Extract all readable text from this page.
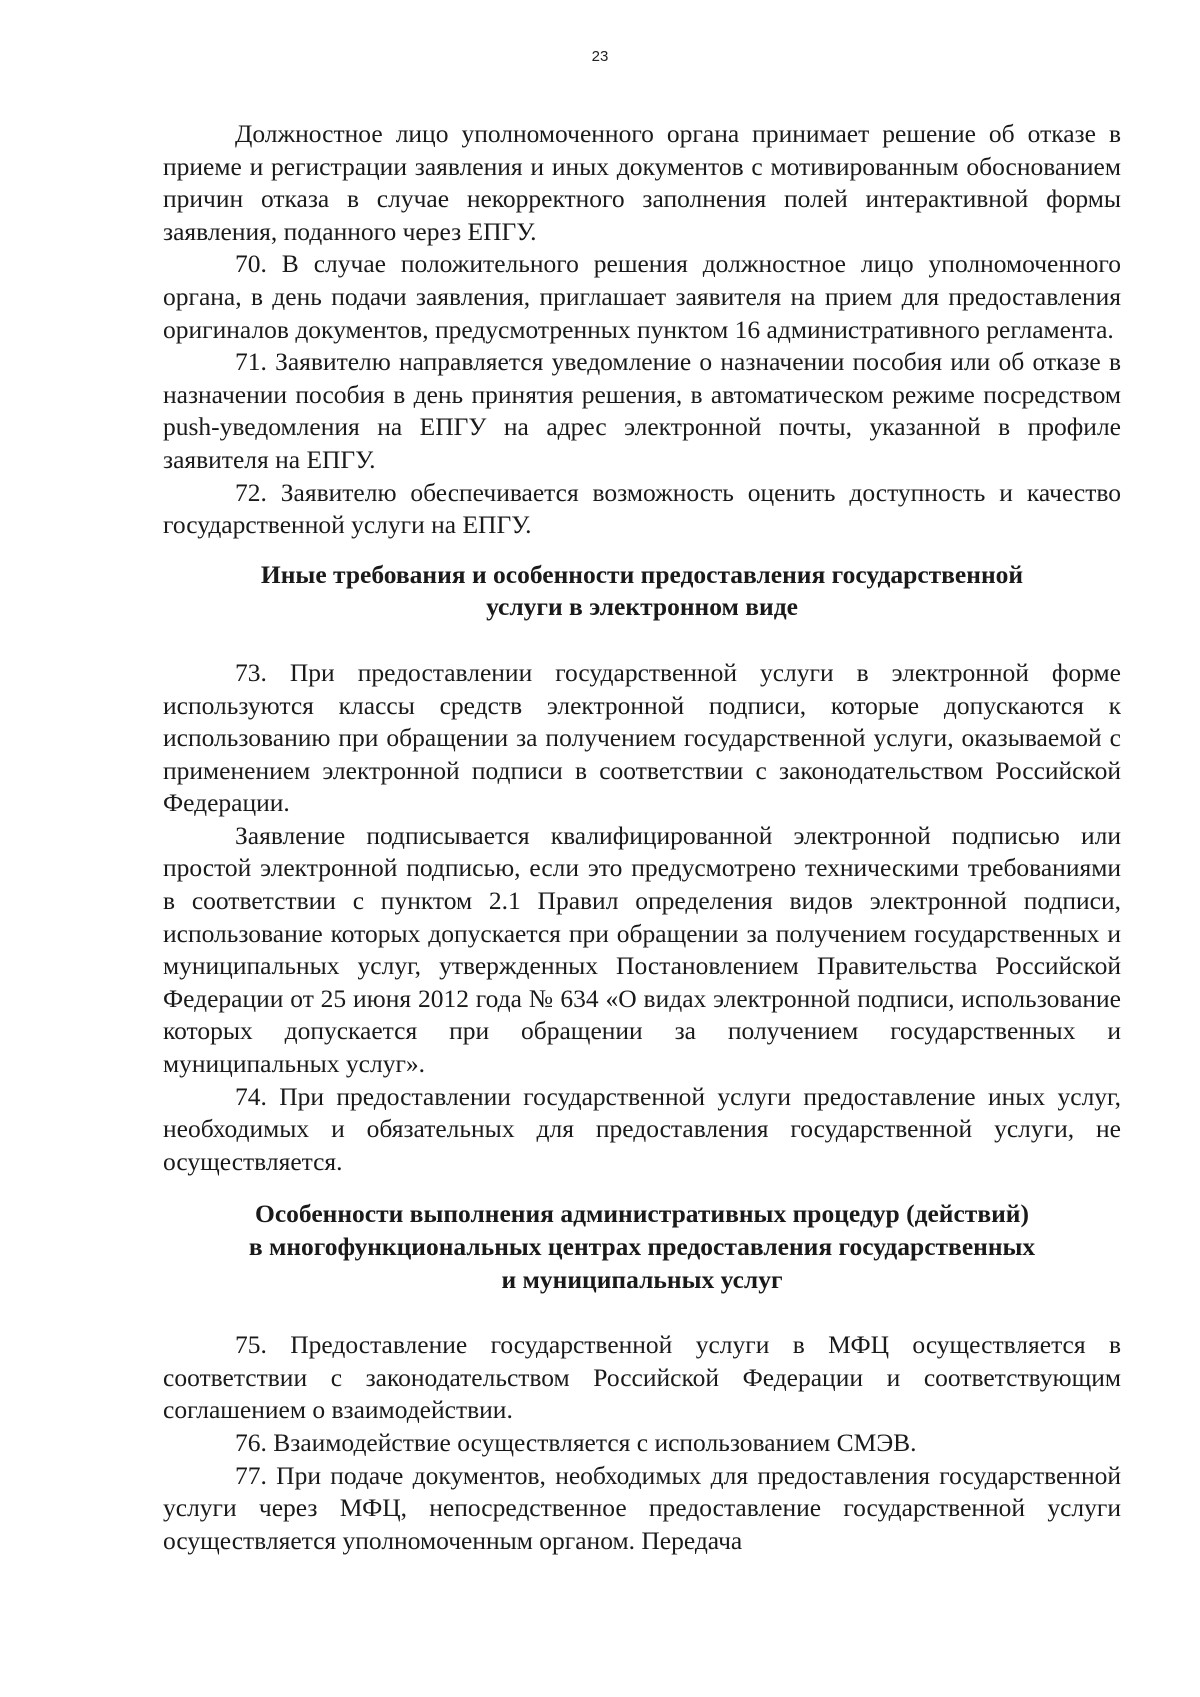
23

Должностное лицо уполномоченного органа принимает решение об отказе в приеме и регистрации заявления и иных документов с мотивированным обоснованием причин отказа в случае некорректного заполнения полей интерактивной формы заявления, поданного через ЕПГУ.

70. В случае положительного решения должностное лицо уполномоченного органа, в день подачи заявления, приглашает заявителя на прием для предоставления оригиналов документов, предусмотренных пунктом 16 административного регламента.

71. Заявителю направляется уведомление о назначении пособия или об отказе в назначении пособия в день принятия решения, в автоматическом режиме посредством push-уведомления на ЕПГУ на адрес электронной почты, указанной в профиле заявителя на ЕПГУ.

72. Заявителю обеспечивается возможность оценить доступность и качество государственной услуги на ЕПГУ.

Иные требования и особенности предоставления государственной
услуги в электронном виде

73. При предоставлении государственной услуги в электронной форме используются классы средств электронной подписи, которые допускаются к использованию при обращении за получением государственной услуги, оказываемой с применением электронной подписи в соответствии с законодательством Российской Федерации.

Заявление подписывается квалифицированной электронной подписью или простой электронной подписью, если это предусмотрено техническими требованиями в соответствии с пунктом 2.1 Правил определения видов электронной подписи, использование которых допускается при обращении за получением государственных и муниципальных услуг, утвержденных Постановлением Правительства Российской Федерации от 25 июня 2012 года № 634 «О видах электронной подписи, использование которых допускается при обращении за получением государственных и муниципальных услуг».

74. При предоставлении государственной услуги предоставление иных услуг, необходимых и обязательных для предоставления государственной услуги, не осуществляется.

Особенности выполнения административных процедур (действий)
в многофункциональных центрах предоставления государственных
и муниципальных услуг

75. Предоставление государственной услуги в МФЦ осуществляется в соответствии с законодательством Российской Федерации и соответствующим соглашением о взаимодействии.

76. Взаимодействие осуществляется с использованием СМЭВ.

77. При подаче документов, необходимых для предоставления государственной услуги через МФЦ, непосредственное предоставление государственной услуги осуществляется уполномоченным органом. Передача
